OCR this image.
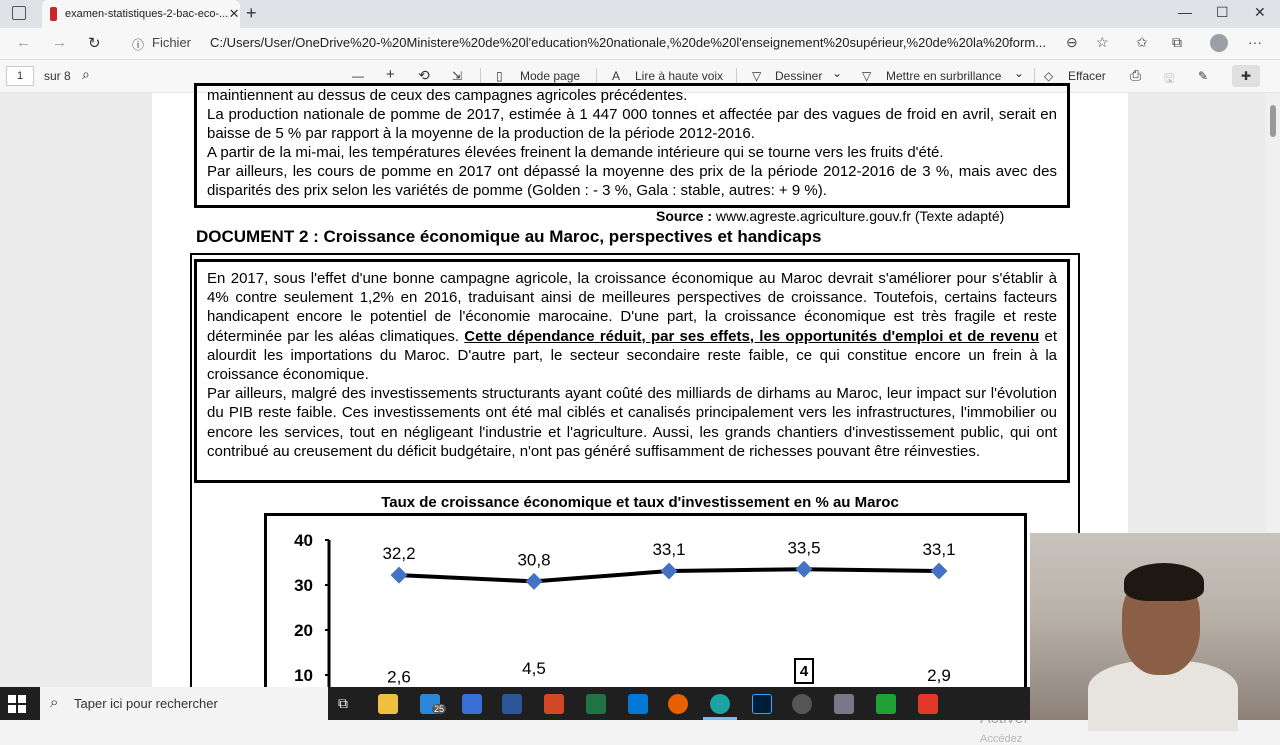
examen-statistiques-2-bac-eco-... ✕ +	— ☐ ✕
← → ↻	ⓘ Fichier C:/Users/User/OneDrive%20-%20Ministere%20de%20l'education%20nationale,%20de%20l'enseignement%20supérieur,%20de%20la%20form...	⊖ ☆ ✩ ⧉	···
1	sur 8 ⌕	— + ⟲ ⇲	▯ Mode page	A Lire à haute voix ▽ Dessiner ⌄ ▽ Mettre en surbrillance ⌄ ◇ Effacer ⎙ 🖫 ✎	✚
maintiennent au dessus de ceux des campagnes agricoles précédentes.
La production nationale de pomme de 2017, estimée à 1 447 000 tonnes et affectée par des vagues de froid en avril, serait en baisse de 5 % par rapport à la moyenne de la production de la période 2012-2016.
A partir de la mi-mai, les températures élevées freinent la demande intérieure qui se tourne vers les fruits d'été.
Par ailleurs, les cours de pomme en 2017 ont dépassé la moyenne des prix de la période 2012-2016 de 3 %, mais avec des disparités des prix selon les variétés de pomme (Golden : - 3 %, Gala : stable, autres: + 9 %).
Source : www.agreste.agriculture.gouv.fr (Texte adapté)
DOCUMENT 2 : Croissance économique au Maroc, perspectives et handicaps

En 2017, sous l'effet d'une bonne campagne agricole, la croissance économique au Maroc devrait s'améliorer pour s'établir à 4% contre seulement 1,2% en 2016, traduisant ainsi de meilleures perspectives de croissance. Toutefois, certains facteurs handicapent encore le potentiel de l'économie marocaine. D'une part, la croissance économique est très fragile et reste déterminée par les aléas climatiques. Cette dépendance réduit, par ses effets, les opportunités d'emploi et de revenu et alourdit les importations du Maroc. D'autre part, le secteur secondaire reste faible, ce qui constitue encore un frein à la croissance économique.

Par ailleurs, malgré des investissements structurants ayant coûté des milliards de dirhams au Maroc, leur impact sur l'évolution du PIB reste faible. Ces investissements ont été mal ciblés et canalisés principalement vers les infrastructures, l'immobilier ou encore les services, tout en négligeant l'industrie et l'agriculture. Aussi, les grands chantiers d'investissement public, qui ont contribué au creusement du déficit budgétaire, n'ont pas généré suffisamment de richesses pouvant être réinvesties.

Taux de croissance économique et taux d'investissement en % au Maroc
40
30
20
10
32,2	30,8
33,1	33,5	33,1
2,6	4,5	4	2,9
Accédez
⌕ Taper ici pour rechercher	⧉	25
